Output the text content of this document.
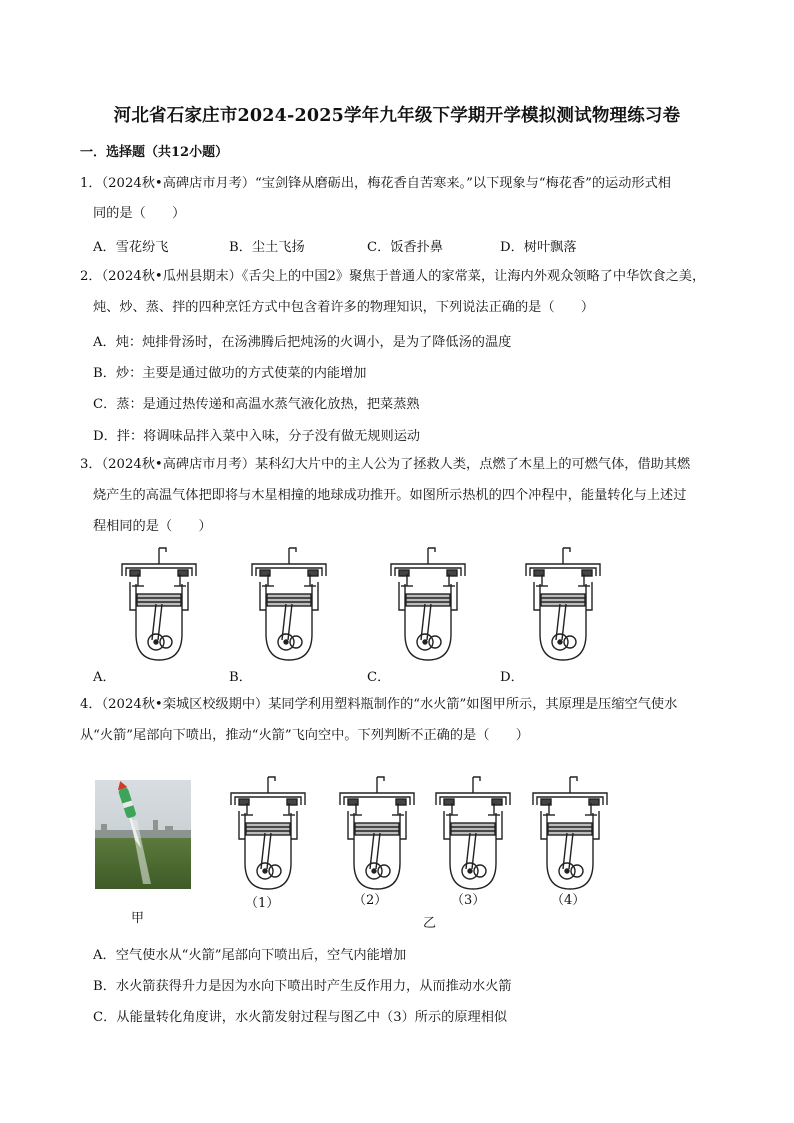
河北省石家庄市2024-2025学年九年级下学期开学模拟测试物理练习卷
一．选择题（共12小题）
1．（2024秋•高碑店市月考）“宝剑锋从磨砺出，梅花香自苦寒来。”以下现象与“梅花香”的运动形式相
同的是（　　）
A．雪花纷飞	B．尘土飞扬	C．饭香扑鼻	D．树叶飘落
2．（2024秋•瓜州县期末）《舌尖上的中国2》聚焦于普通人的家常菜，让海内外观众领略了中华饮食之美，
炖、炒、蒸、拌的四种烹饪方式中包含着许多的物理知识，下列说法正确的是（　　）
A．炖：炖排骨汤时，在汤沸腾后把炖汤的火调小，是为了降低汤的温度
B．炒：主要是通过做功的方式使菜的内能增加
C．蒸：是通过热传递和高温水蒸气液化放热，把菜蒸熟
D．拌：将调味品拌入菜中入味，分子没有做无规则运动
3．（2024秋•高碑店市月考）某科幻大片中的主人公为了拯救人类，点燃了木星上的可燃气体，借助其燃
烧产生的高温气体把即将与木星相撞的地球成功推开。如图所示热机的四个冲程中，能量转化与上述过
程相同的是（　　）
A．	B．	C．	D．
4．（2024秋•栾城区校级期中）某同学利用塑料瓶制作的“水火箭”如图甲所示，其原理是压缩空气使水
从“火箭”尾部向下喷出，推动“火箭”飞向空中。下列判断不正确的是（　　）
甲
（1）	（2）	（3）	（4）
乙
A．空气使水从“火箭”尾部向下喷出后，空气内能增加
B．水火箭获得升力是因为水向下喷出时产生反作用力，从而推动水火箭
C．从能量转化角度讲，水火箭发射过程与图乙中（3）所示的原理相似
